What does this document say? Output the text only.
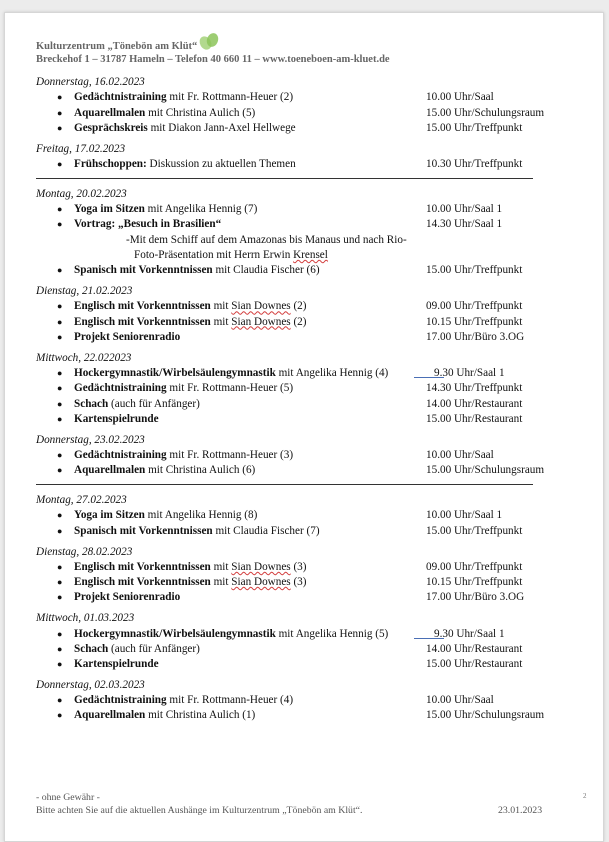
Kulturzentrum „Tönebön am Klüt“
Breckehof 1 – 31787 Hameln – Telefon 40 660 11 – www.toeneboen-am-kluet.de
Donnerstag, 16.02.2023
● Gedächtnistraining mit Fr. Rottmann-Heuer (2)	10.00 Uhr/Saal
● Aquarellmalen mit Christina Aulich (5)	15.00 Uhr/Schulungsraum
● Gesprächskreis mit Diakon Jann-Axel Hellwege	15.00 Uhr/Treffpunkt
Freitag, 17.02.2023
● Frühschoppen: Diskussion zu aktuellen Themen	10.30 Uhr/Treffpunkt
Montag, 20.02.2023
● Yoga im Sitzen mit Angelika Hennig (7)	10.00 Uhr/Saal 1
● Vortrag: „Besuch in Brasilien“	14.30 Uhr/Saal 1
-Mit dem Schiff auf dem Amazonas bis Manaus und nach Rio-
Foto-Präsentation mit Herrn Erwin Krensel
● Spanisch mit Vorkenntnissen mit Claudia Fischer (6)	15.00 Uhr/Treffpunkt
Dienstag, 21.02.2023
● Englisch mit Vorkenntnissen mit Sian Downes (2)	09.00 Uhr/Treffpunkt
● Englisch mit Vorkenntnissen mit Sian Downes (2)	10.15 Uhr/Treffpunkt
● Projekt Seniorenradio	17.00 Uhr/Büro 3.OG
Mittwoch, 22.022023
● Hockergymnastik/Wirbelsäulengymnastik mit Angelika Hennig (4)	9.30 Uhr/Saal 1
● Gedächtnistraining mit Fr. Rottmann-Heuer (5)	14.30 Uhr/Treffpunkt
● Schach (auch für Anfänger)	14.00 Uhr/Restaurant
● Kartenspielrunde	15.00 Uhr/Restaurant
Donnerstag, 23.02.2023
● Gedächtnistraining mit Fr. Rottmann-Heuer (3)	10.00 Uhr/Saal
● Aquarellmalen mit Christina Aulich (6)	15.00 Uhr/Schulungsraum
Montag, 27.02.2023
● Yoga im Sitzen mit Angelika Hennig (8)	10.00 Uhr/Saal 1
● Spanisch mit Vorkenntnissen mit Claudia Fischer (7)	15.00 Uhr/Treffpunkt
Dienstag, 28.02.2023
● Englisch mit Vorkenntnissen mit Sian Downes (3)	09.00 Uhr/Treffpunkt
● Englisch mit Vorkenntnissen mit Sian Downes (3)	10.15 Uhr/Treffpunkt
● Projekt Seniorenradio	17.00 Uhr/Büro 3.OG
Mittwoch, 01.03.2023
● Hockergymnastik/Wirbelsäulengymnastik mit Angelika Hennig (5)	9.30 Uhr/Saal 1
● Schach (auch für Anfänger)	14.00 Uhr/Restaurant
● Kartenspielrunde	15.00 Uhr/Restaurant
Donnerstag, 02.03.2023
● Gedächtnistraining mit Fr. Rottmann-Heuer (4)	10.00 Uhr/Saal
● Aquarellmalen mit Christina Aulich (1)	15.00 Uhr/Schulungsraum
- ohne Gewähr -
Bitte achten Sie auf die aktuellen Aushänge im Kulturzentrum „Tönebön am Klüt“.	23.01.2023
2
